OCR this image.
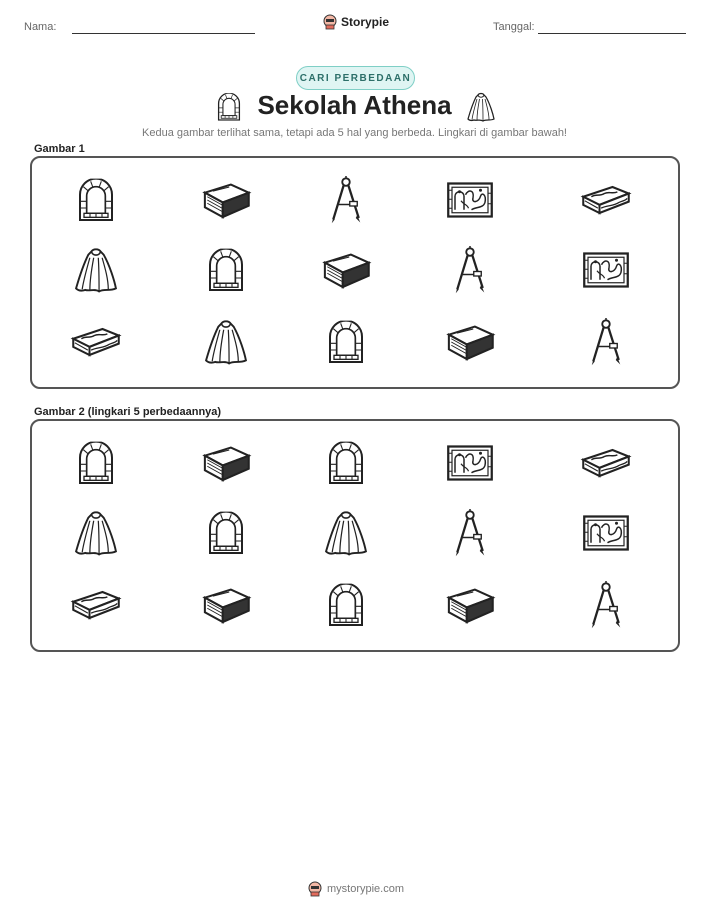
Nama:	Storypie	Tanggal:
CARI PERBEDAAN
Sekolah Athena
Kedua gambar terlihat sama, tetapi ada 5 hal yang berbeda. Lingkari di gambar bawah!
Gambar 1
Gambar 2 (lingkari 5 perbedaannya)
mystorypie.com
